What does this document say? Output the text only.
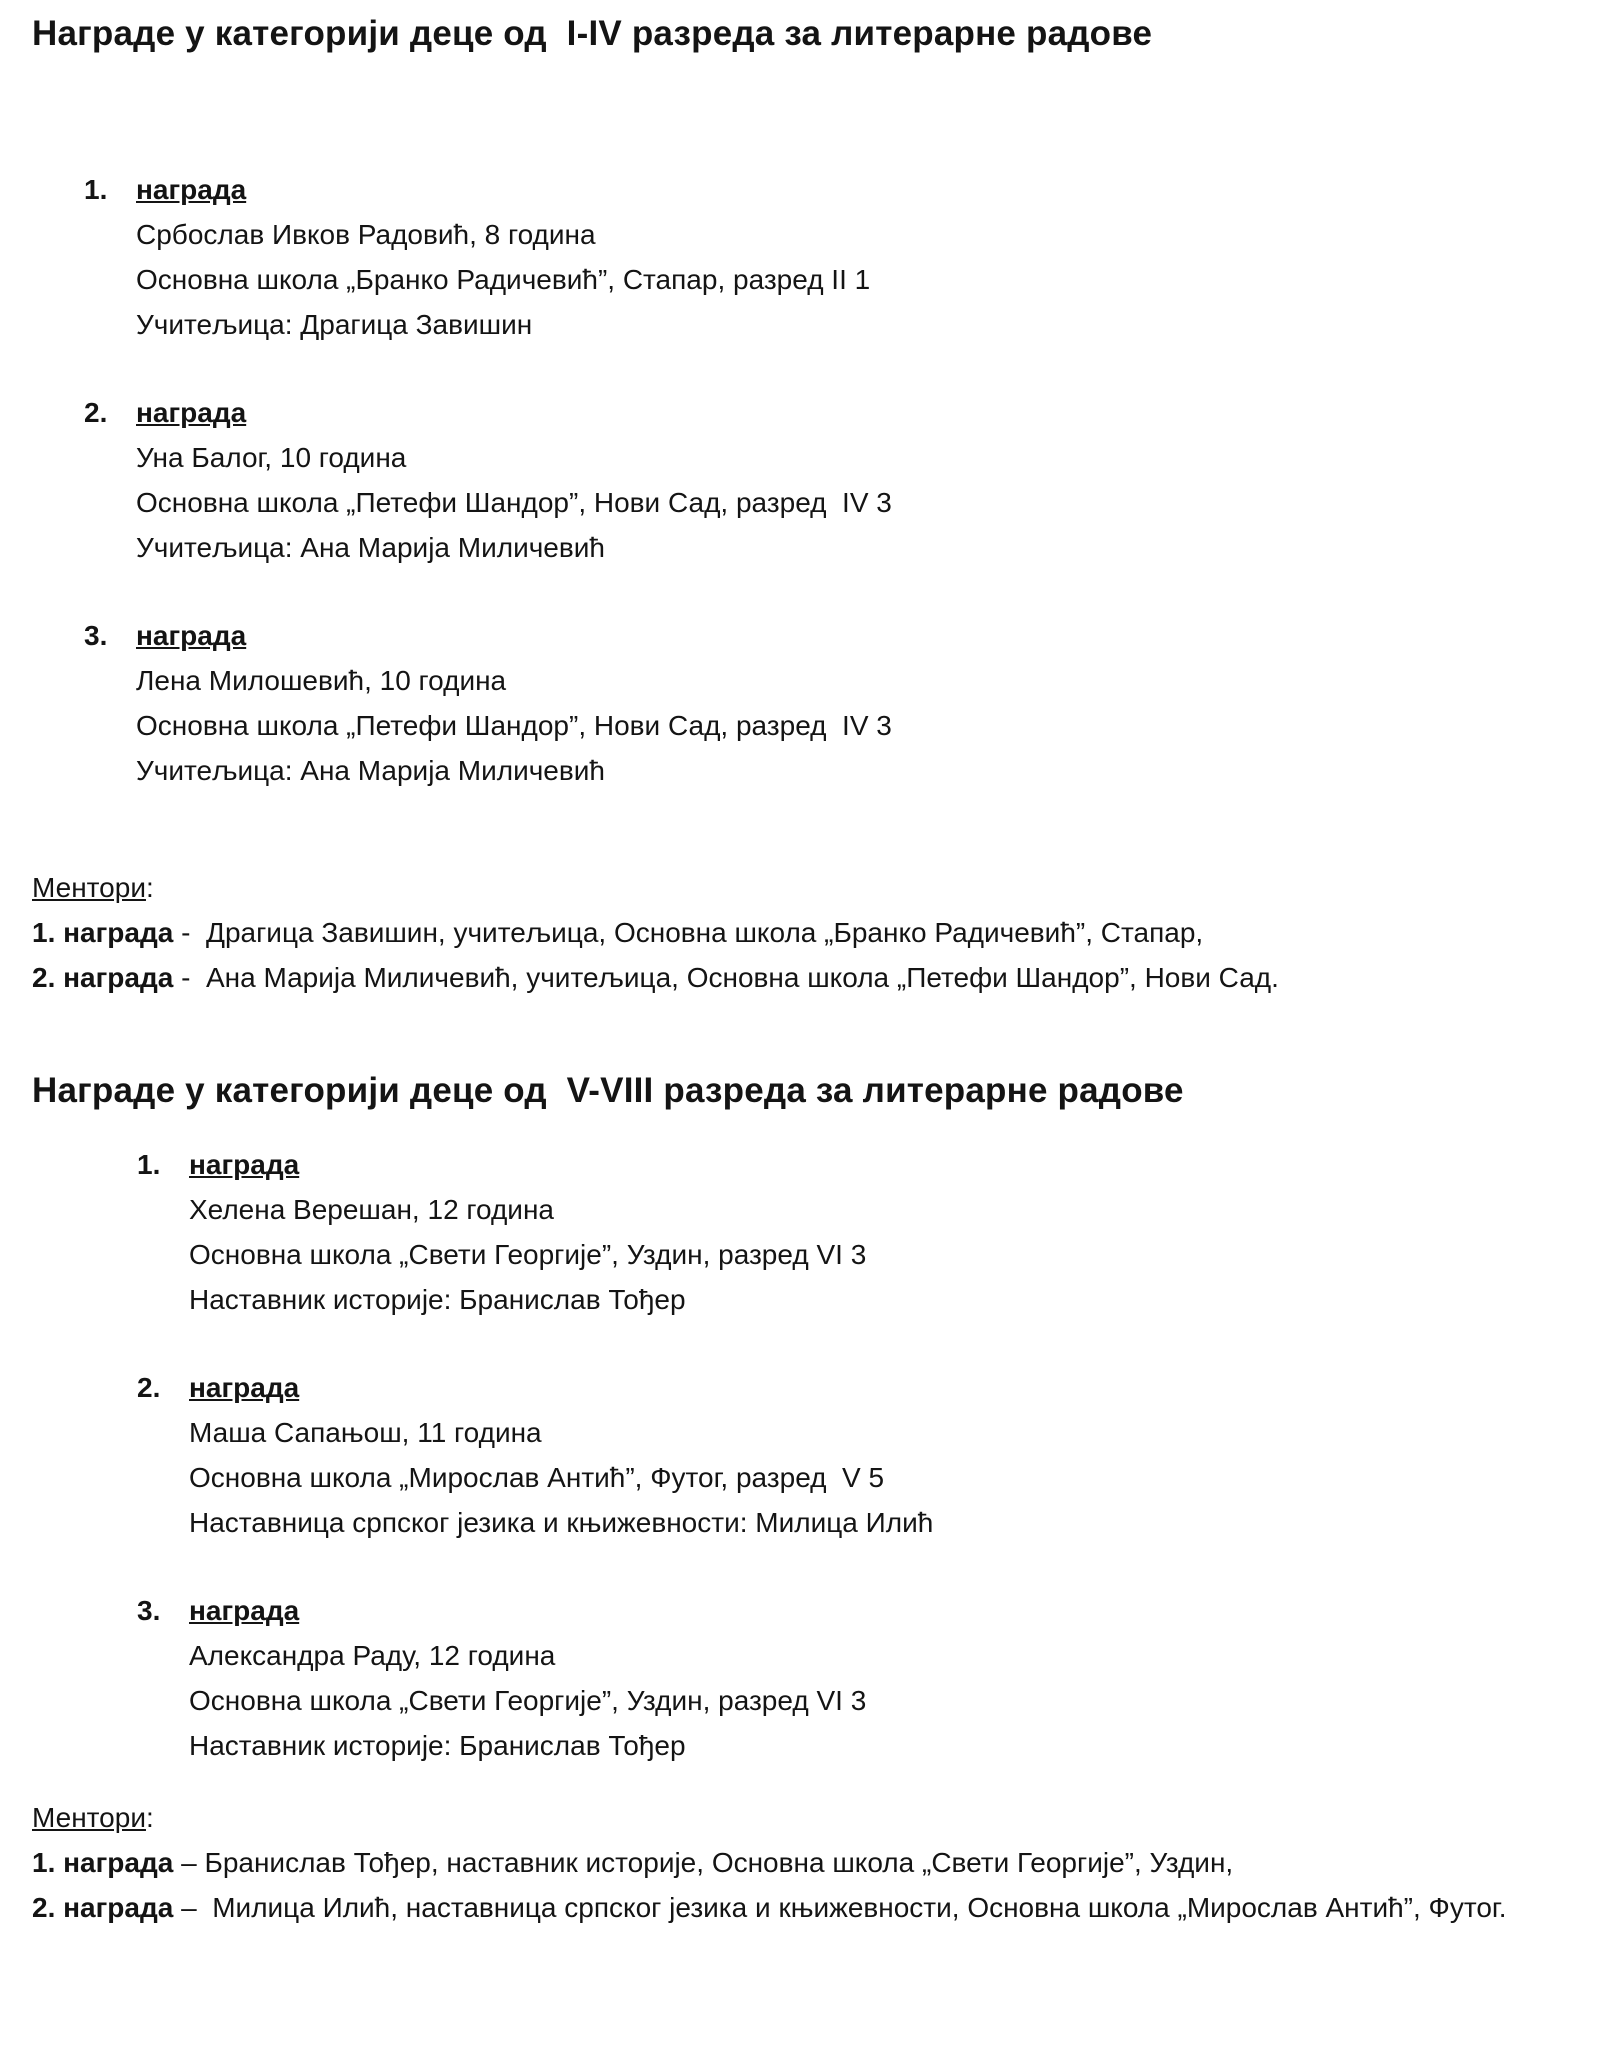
Награде у категорији деце од  I-IV разреда за литерарне радове
1. награда
Србослав Ивков Радовић, 8 година
Основна школа „Бранко Радичевић”, Стапар, разред II 1
Учитељица: Драгица Завишин
2. награда
Уна Балог, 10 година
Основна школа „Петефи Шандор”, Нови Сад, разред  IV 3
Учитељица: Ана Марија Миличевић
3. награда
Лена Милошевић, 10 година
Основна школа „Петефи Шандор”, Нови Сад, разред  IV 3
Учитељица: Ана Марија Миличевић
Ментори:
1. награда -  Драгица Завишин, учитељица, Основна школа „Бранко Радичевић”, Стапар,
2. награда -  Ана Марија Миличевић, учитељица, Основна школа „Петефи Шандор”, Нови Сад.
Награде у категорији деце од  V-VIII разреда за литерарне радове
1. награда
Хелена Верешан, 12 година
Основна школа „Свети Георгије”, Уздин, разред VI 3
Наставник историје: Бранислав Тођер
2. награда
Маша Сапањош, 11 година
Основна школа „Мирослав Антић”, Футог, разред  V 5
Наставница српског језика и књижевности: Милица Илић
3. награда
Александра Раду, 12 година
Основна школа „Свети Георгије”, Уздин, разред VI 3
Наставник историје: Бранислав Тођер
Ментори:
1. награда – Бранислав Тођер, наставник историје, Основна школа „Свети Георгије”, Уздин,
2. награда –  Милица Илић, наставница српског језика и књижевности, Основна школа „Мирослав Антић”, Футог.
